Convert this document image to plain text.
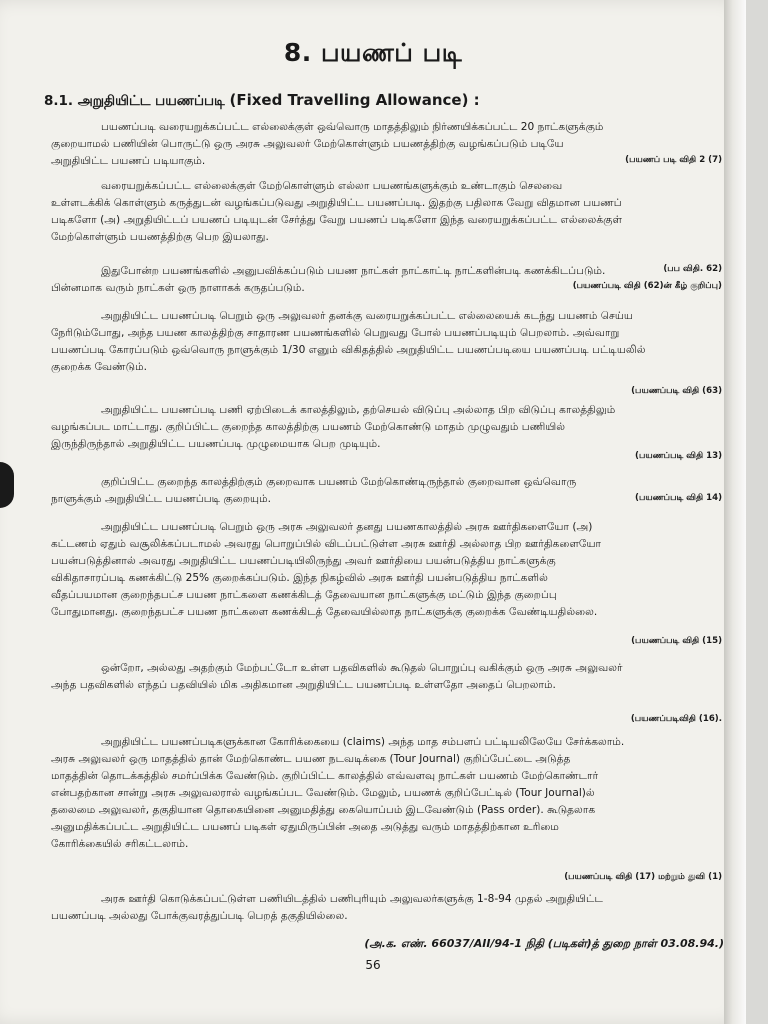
8. பயணப் படி
8.1. அறுதியிட்ட பயணப்படி (Fixed Travelling Allowance) :

பயணப்படி வரையறுக்கப்பட்ட எல்லைக்குள் ஒவ்வொரு மாதத்திலும் நிர்ணயிக்கப்பட்ட 20 நாட்களுக்கும்

குறையாமல் பணியின் பொருட்டு ஒரு அரசு அலுவலர் மேற்கொள்ளும் பயணத்திற்கு வழங்கப்படும் படியே

அறுதியிட்ட பயணப் படியாகும்.	(பயணப் படி விதி 2 (7)

வரையறுக்கப்பட்ட எல்லைக்குள் மேற்கொள்ளும் எல்லா பயணங்களுக்கும் உண்டாகும் செலவை

உள்ளடக்கிக் கொள்ளும் கருத்துடன் வழங்கப்படுவது அறுதியிட்ட பயணப்படி. இதற்கு பதிலாக வேறு விதமான பயணப்

படிகளோ (அ) அறுதியிட்டப் பயணப் படியுடன் சேர்த்து வேறு பயணப் படிகளோ இந்த வரையறுக்கப்பட்ட எல்லைக்குள்

மேற்கொள்ளும் பயணத்திற்கு பெற இயலாது.

(பப விதி. 62)

இதுபோன்ற பயணங்களில் அனுபவிக்கப்படும் பயண நாட்கள் நாட்காட்டி நாட்களின்படி கணக்கிடப்படும்.

பின்னமாக வரும் நாட்கள் ஒரு நாளாகக் கருதப்படும்.	(பயணப்படி விதி (62)ன் கீழ் குறிப்பு)

அறுதியிட்ட பயணப்படி பெறும் ஒரு அலுவலர் தனக்கு வரையறுக்கப்பட்ட எல்லையைக் கடந்து பயணம் செய்ய

நேரிடும்போது, அந்த பயண காலத்திற்கு சாதாரண பயணங்களில் பெறுவது போல் பயணப்படியும் பெறலாம். அவ்வாறு

பயணப்படி கோரப்படும் ஒவ்வொரு நாளுக்கும் 1/30 எனும் விகிதத்தில் அறுதியிட்ட பயணப்படியை பயணப்படி பட்டியலில்

குறைக்க வேண்டும்.

(பயணப்படி விதி (63)

அறுதியிட்ட பயணப்படி பணி ஏற்பிடைக் காலத்திலும், தற்செயல் விடுப்பு அல்லாத பிற விடுப்பு காலத்திலும்

வழங்கப்பட மாட்டாது. குறிப்பிட்ட குறைந்த காலத்திற்கு பயணம் மேற்கொண்டு மாதம் முழுவதும் பணியில்

இருந்திருந்தால் அறுதியிட்ட பயணப்படி முழுமையாக பெற முடியும்.

(பயணப்படி விதி 13)

குறிப்பிட்ட குறைந்த காலத்திற்கும் குறைவாக பயணம் மேற்கொண்டிருந்தால் குறைவான ஒவ்வொரு

நாளுக்கும் அறுதியிட்ட பயணப்படி குறையும்.	(பயணப்படி விதி 14)

அறுதியிட்ட பயணப்படி பெறும் ஒரு அரசு அலுவலர் தனது பயணகாலத்தில் அரசு ஊர்திகளையோ (அ)

கட்டணம் ஏதும் வசூலிக்கப்படாமல் அவரது பொறுப்பில் விடப்பட்டுள்ள அரசு ஊர்தி அல்லாத பிற ஊர்திகளையோ

பயன்படுத்தினால் அவரது அறுதியிட்ட பயணப்படியிலிருந்து அவர் ஊர்தியை பயன்படுத்திய நாட்களுக்கு

விகிதாசாரப்படி கணக்கிட்டு 25% குறைக்கப்படும். இந்த நிகழ்வில் அரசு ஊர்தி பயன்படுத்திய நாட்களில்

வீதப்பயமான குறைந்தபட்ச பயண நாட்களை கணக்கிடத் தேவையான நாட்களுக்கு மட்டும் இந்த குறைப்பு

போதுமானது. குறைந்தபட்ச பயண நாட்களை கணக்கிடத் தேவையில்லாத நாட்களுக்கு குறைக்க வேண்டியதில்லை.

(பயணப்படி விதி (15)

ஒன்றோ, அல்லது அதற்கும் மேற்பட்டோ உள்ள பதவிகளில் கூடுதல் பொறுப்பு வகிக்கும் ஒரு அரசு அலுவலர்

அந்த பதவிகளில் எந்தப் பதவியில் மிக அதிகமான அறுதியிட்ட பயணப்படி உள்ளதோ அதைப் பெறலாம்.

(பயணப்படிவிதி (16).

அறுதியிட்ட பயணப்படிகளுக்கான கோரிக்கையை (claims) அந்த மாத சம்பளப் பட்டியலிலேயே சேர்க்கலாம்.

அரசு அலுவலர் ஒரு மாதத்தில் தான் மேற்கொண்ட பயண நடவடிக்கை (Tour Journal) குறிப்பேட்டை அடுத்த

மாதத்தின் தொடக்கத்தில் சமர்ப்பிக்க வேண்டும். குறிப்பிட்ட காலத்தில் எவ்வளவு நாட்கள் பயணம் மேற்கொண்டார்

என்பதற்கான சான்று அரசு அலுவலரால் வழங்கப்பட வேண்டும். மேலும், பயணக் குறிப்பேட்டில் (Tour Journal)ல்

தலைமை அலுவலர், தகுதியான தொகையினை அனுமதித்து கையொப்பம் இடவேண்டும் (Pass order). கூடுதலாக

அனுமதிக்கப்பட்ட அறுதியிட்ட பயணப் படிகள் ஏதுமிருப்பின் அதை அடுத்து வரும் மாதத்திற்கான உரிமை

கோரிக்கையில் சரிகட்டலாம்.

(பயணப்படி விதி (17) மற்றும் துவி (1)

அரசு ஊர்தி கொடுக்கப்பட்டுள்ள பணியிடத்தில் பணிபுரியும் அலுவலர்களுக்கு 1-8-94 முதல் அறுதியிட்ட

பயணப்படி அல்லது போக்குவரத்துப்படி பெறத் தகுதியில்லை.

(அ.க. எண். 66037/AII/94-1 நிதி (படிகள்)த் துறை நாள் 03.08.94.)
56
